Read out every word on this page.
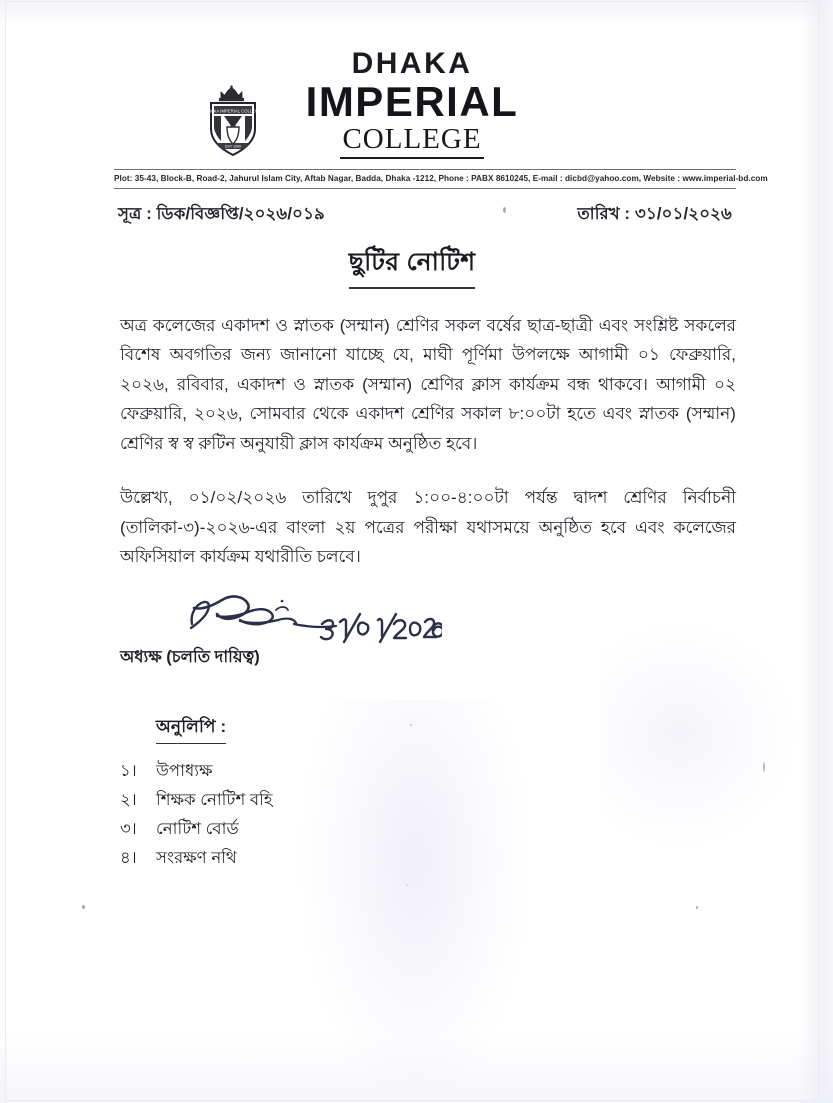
DHAKA IMPERIAL COLLEGE
EST 1999
DHAKA
IMPERIAL
COLLEGE
Plot: 35-43, Block-B, Road-2, Jahurul Islam City, Aftab Nagar, Badda, Dhaka -1212, Phone : PABX 8610245, E-mail : dicbd@yahoo.com, Website : www.imperial-bd.com
সূত্র : ডিক/বিজ্ঞপ্তি/২০২৬/০১৯	তারিখ : ৩১/০১/২০২৬
ছুটির নোটিশ

অত্র কলেজের একাদশ ও স্নাতক (সম্মান) শ্রেণির সকল বর্ষের ছাত্র-ছাত্রী এবং সংশ্লিষ্ট সকলের বিশেষ অবগতির জন্য জানানো যাচ্ছে যে, মাঘী পূর্ণিমা উপলক্ষে আগামী ০১ ফেব্রুয়ারি, ২০২৬, রবিবার, একাদশ ও স্নাতক (সম্মান) শ্রেণির ক্লাস কার্যক্রম বন্ধ থাকবে। আগামী ০২ ফেব্রুয়ারি, ২০২৬, সোমবার থেকে একাদশ শ্রেণির সকাল ৮:০০টা হতে এবং স্নাতক (সম্মান) শ্রেণির স্ব স্ব রুটিন অনুযায়ী ক্লাস কার্যক্রম অনুষ্ঠিত হবে।

উল্লেখ্য, ০১/০২/২০২৬ তারিখে দুপুর ১:০০-৪:০০টা পর্যন্ত দ্বাদশ শ্রেণির নির্বাচনী (তালিকা-৩)-২০২৬-এর বাংলা ২য় পত্রের পরীক্ষা যথাসময়ে অনুষ্ঠিত হবে এবং কলেজের অফিসিয়াল কার্যক্রম যথারীতি চলবে।

অধ্যক্ষ (চলতি দায়িত্ব)
অনুলিপি :
১।	উপাধ্যক্ষ
২।	শিক্ষক নোটিশ বহি
৩।	নোটিশ বোর্ড
৪।	সংরক্ষণ নথি
